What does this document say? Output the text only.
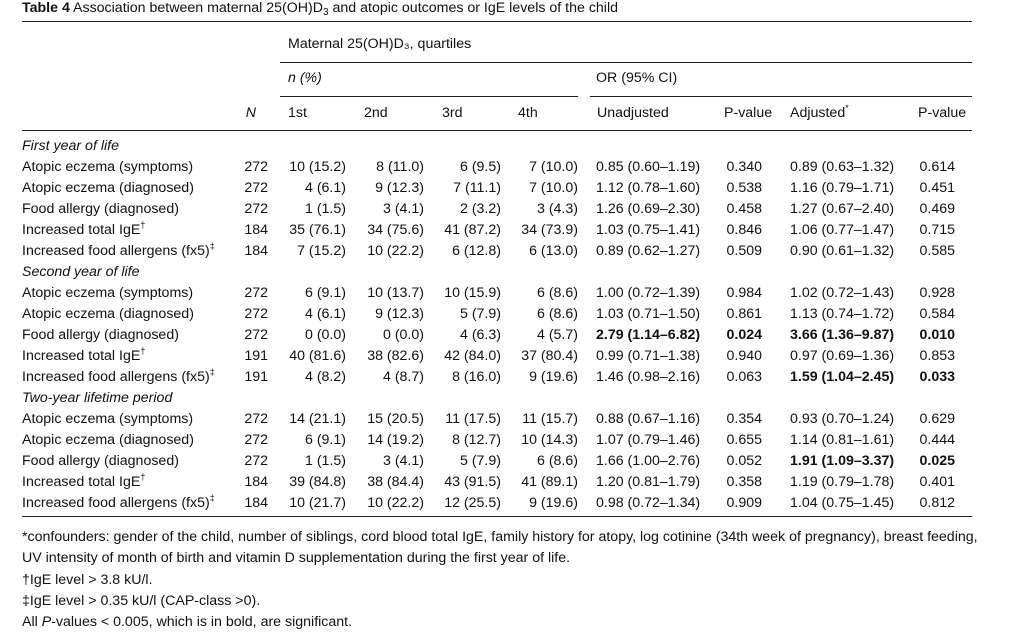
Table 4 Association between maternal $25(OH)D_3$ and atopic outcomes or IgE levels of the child
Maternal 25(OH)D₃, quartiles
n (%)	OR (95% CI)
N 1st	2nd	3rd	4th	Unadjusted	P-value Adjusted*	P-value
First year of life
Atopic eczema (symptoms)	272	10 (15.2)	8 (11.0)	6 (9.5)	7 (10.0) 0.85 (0.60–1.19)	0.340 0.89 (0.63–1.32)	0.614
Atopic eczema (diagnosed)	272	4 (6.1)	9 (12.3)	7 (11.1)	7 (10.0) 1.12 (0.78–1.60)	0.538 1.16 (0.79–1.71)	0.451
Food allergy (diagnosed)	272	1 (1.5)	3 (4.1)	2 (3.2)	3 (4.3) 1.26 (0.69–2.30)	0.458 1.27 (0.67–2.40)	0.469
Increased total IgE†	184	35 (76.1)	34 (75.6)	41 (87.2)	34 (73.9) 1.03 (0.75–1.41)	0.846 1.06 (0.77–1.47)	0.715
Increased food allergens (fx5)‡	184	7 (15.2)	10 (22.2)	6 (12.8)	6 (13.0) 0.89 (0.62–1.27)	0.509 0.90 (0.61–1.32)	0.585
Second year of life
Atopic eczema (symptoms)	272	6 (9.1)	10 (13.7)	10 (15.9)	6 (8.6) 1.00 (0.72–1.39)	0.984 1.02 (0.72–1.43)	0.928
Atopic eczema (diagnosed)	272	4 (6.1)	9 (12.3)	5 (7.9)	6 (8.6) 1.03 (0.71–1.50)	0.861 1.13 (0.74–1.72)	0.584
Food allergy (diagnosed)	272	0 (0.0)	0 (0.0)	4 (6.3)	4 (5.7) 2.79 (1.14–6.82)	0.024 3.66 (1.36–9.87)	0.010
Increased total IgE†	191	40 (81.6)	38 (82.6)	42 (84.0)	37 (80.4) 0.99 (0.71–1.38)	0.940 0.97 (0.69–1.36)	0.853
Increased food allergens (fx5)‡	191	4 (8.2)	4 (8.7)	8 (16.0)	9 (19.6) 1.46 (0.98–2.16)	0.063 1.59 (1.04–2.45)	0.033
Two-year lifetime period
Atopic eczema (symptoms)	272	14 (21.1)	15 (20.5)	11 (17.5)	11 (15.7) 0.88 (0.67–1.16)	0.354 0.93 (0.70–1.24)	0.629
Atopic eczema (diagnosed)	272	6 (9.1)	14 (19.2)	8 (12.7)	10 (14.3) 1.07 (0.79–1.46)	0.655 1.14 (0.81–1.61)	0.444
Food allergy (diagnosed)	272	1 (1.5)	3 (4.1)	5 (7.9)	6 (8.6) 1.66 (1.00–2.76)	0.052 1.91 (1.09–3.37)	0.025
Increased total IgE†	184	39 (84.8)	38 (84.4)	43 (91.5)	41 (89.1) 1.20 (0.81–1.79)	0.358 1.19 (0.79–1.78)	0.401
Increased food allergens (fx5)‡	184	10 (21.7)	10 (22.2)	12 (25.5)	9 (19.6) 0.98 (0.72–1.34)	0.909 1.04 (0.75–1.45)	0.812
*confounders: gender of the child, number of siblings, cord blood total IgE, family history for atopy, log cotinine (34th week of pregnancy), breast feeding, UV intensity of month of birth and vitamin D supplementation during the first year of life.
†IgE level > 3.8 kU/l.
‡IgE level > 0.35 kU/l (CAP-class >0).
All P-values < 0.005, which is in bold, are significant.
